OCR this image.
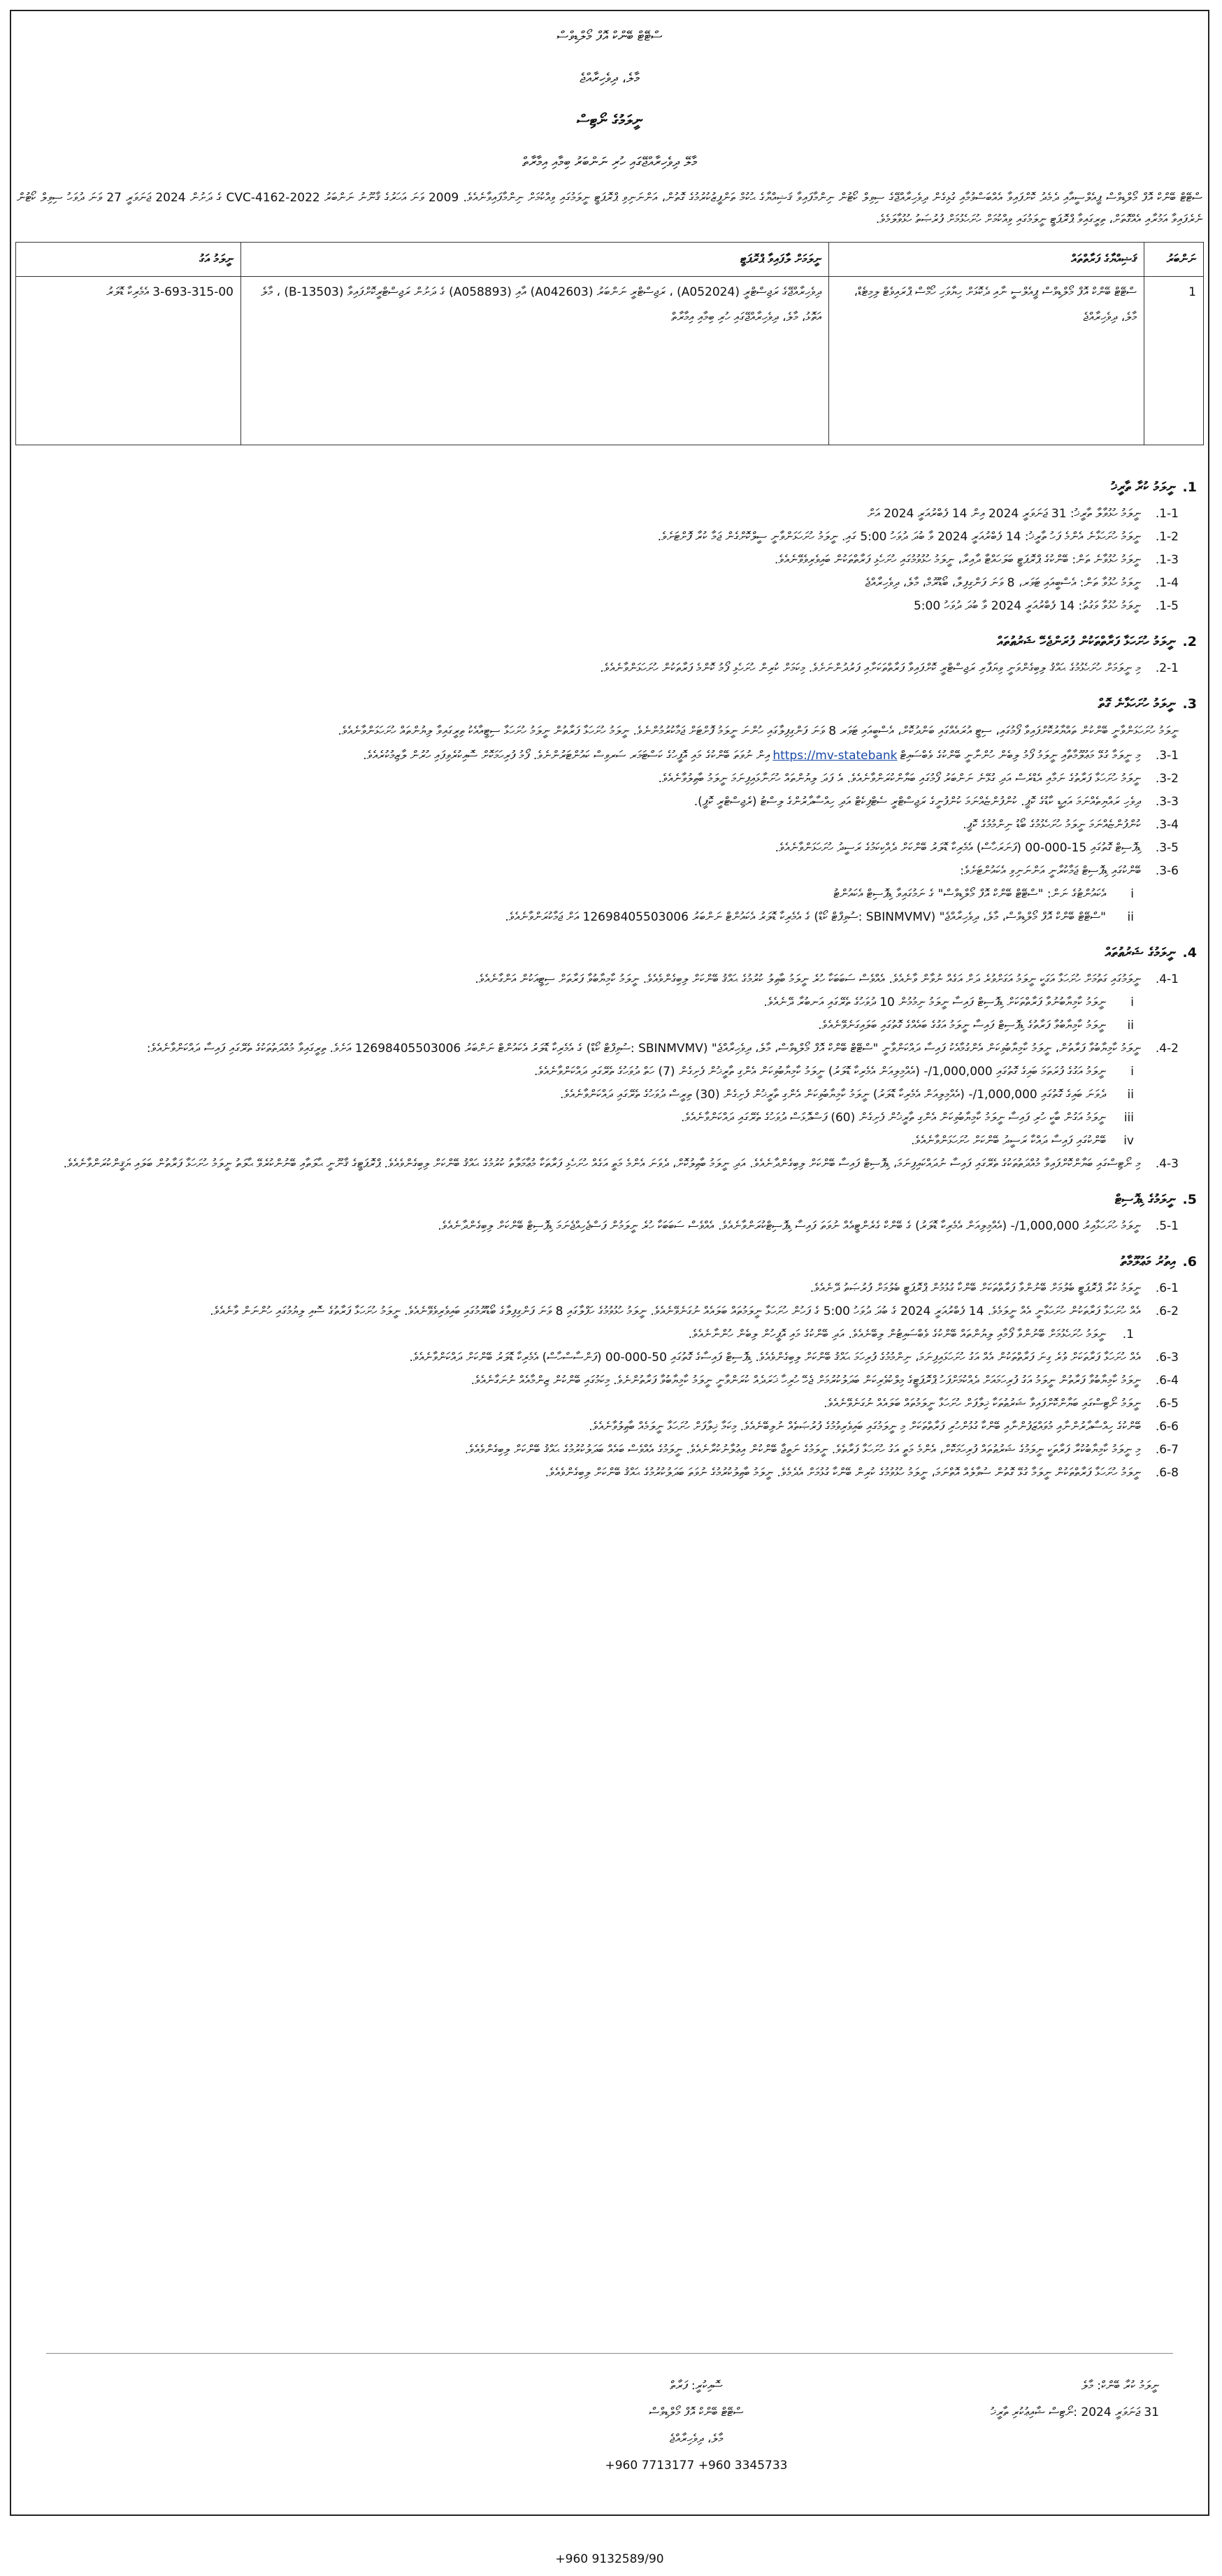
ސްޓޭޓް ބޭންކް އޮފް މޯލްޑިވްސް
މާލެ، ދިވެހިރާއްޖެ
ނީލަމުގެ ނޯޓިސް
މާލޭ ދިވެހިރާއްޖޭގައި ހުރި ނަންބަރު ބިމާއި އިމާރާތް
ސްޓޭޓް ބޭންކް އޮފް މޯލްޑިވްސް ޕީއެލްސީއާއި ދެމެދު ކޮށްފައިވާ އެއްބަސްވުމާއި ގުޅިގެން ދިވެހިރާއްޖޭގެ ސިވިލް ކޯޓުން ނިންމާފައިވާ ޤަޟިއްޔާގެ ޙުކުމް ތަންފީޒުކުރުމުގެ ގޮތުން، އަންނަނިވި ޕްރޮޕަޓީ ނީލަމުގައި ވިއްކުމަށް ނިންމާފައިވާނެއެވެ. 2009 ވަނަ އަހަރުގެ ޤާނޫނު ނަންބަރު 2022-CVC-4162 ގެ ދަށުން 2024 ޖަނަވަރީ 27 ވަނަ ދުވަހު ސިވިލް ކޯޓުން ނެރެފައިވާ އަމުރާއި އެއްގޮތަށް، ތިރީގައިވާ ޕްރޮޕަޓީ ނީލަމުގައި ވިއްކުމަށް ހުށަހެޅުމަށް ފުރުޞަތު ހުޅުވާލަމެވެ.
ނަންބަރު	ޤަޟިއްޔާގެ ފަރާތްތައް	ނީލަމަށް ލާފައިވާ ޕްރޮޕަޓީ	ނީލަމު އަގު
1	ސްޓޭޓް ބޭންކް އޮފް މޯލްޑިވްސް ޕީއެލްސީ ނާއި ދެކޮޅަށް ހިޔާވަހި ހޯމްސް ޕްރައިވެޓް ލިމިޓެޑް، މާލެ، ދިވެހިރާއްޖެ	ދިވެހިރާއްޖޭގެ ރަޖިސްޓްރީ (A052024) ، ރަޖިސްޓްރީ ނަންބަރު (A042603) އާއި (A058893) ގެ ދަށުން ރަޖިސްޓްރީކޮށްފައިވާ (B-13503) ، މާލެ އަތޮޅު، މާލެ، ދިވެހިރާއްޖޭގައި ހުރި ބިމާއި އިމާރާތް	3-693-315-00 އެމެރިކާ ޑޮލަރު
1.
ނީލަމު ކުރާ ތާރީޚު
1-1.
ނީލަމު ހުޅުވާލާ ތާރީޚު: 31 ޖަނަވަރީ 2024 އިން 14 ފެބްރުއަރީ 2024 އަށް
1-2.
ނީލަމު ހުށަހަޅާނެ އެންމެ ފަހު ތާރީޚު: 14 ފެބްރުއަރީ 2024 ވާ ބުދަ ދުވަހު 5:00 ގައި. ނީލަމު ހުށަހަޅަންވާނީ ސީލްކޮށްގެން ޖަމާ ކުރާ ފޮށްޓަށެވެ.
1-3.
ނީލަމު ހުޅުވާނެ ތަން: ބޭންކުގެ ޕްރޮޕަޓީ ބަލަހައްޓާ ދާއިރާ، ނީލަމު ހުޅުވުމުގައި ހުށަހެޅި ފަރާތްތަކުން ބައިވެރިވެވޭނެއެވެ.
1-4.
ނީލަމު ހުޅުވާ ތަން: އެސްބީއައި ޓަވަރ، 8 ވަނަ ފަންގިފިލާ، ބޯޑުރޫމް، މާލެ، ދިވެހިރާއްޖެ
1-5.
ނީލަމު ހުޅުވާ ވަގުތު: 14 ފެބްރުއަރީ 2024 ވާ ބުދަ ދުވަހު 5:00
2.
ނީލަމު ހުށަހަޅާ ފަރާތްތަކުން ފުރަންޖެހޭ ޝަރުޠުތައް
2-1.
މި ނީލަމަށް ހުށަހެޅުމުގެ ޙައްޤު ލިބިގެންވަނީ ވިޔަފާރި ރަޖިސްޓްރީ ކޮށްފައިވާ ފަރާތްތަކަށާއި ފަރުދުންނަށެވެ. މިކަމަށް ކުރިން ހުށަހެޅި ފޯމު ކޮންމެ ފަރާތަކުން ހުށަހަޅަންވާނެއެވެ.
3.
ނީލަމު ހުށަހަޅާނެ ގޮތް
ނީލަމު ހުށަހަޅަންވާނީ ބޭންކުން ތައްޔާރުކޮށްފައިވާ ފޯމުގައި، ސިޓީ އުރައެއްގައި ބަންދުކޮށް، އެސްބީއައި ޓަވަރ 8 ވަނަ ފަންގިފިލާގައި ހުންނަ ނީލަމު ފޮށްޓަށް ޖަމާކުރުމުންނެވެ. ނީލަމު ހުށަހަޅާ ފަރާތުން ނީލަމު ހުށަހަޅާ ސިޓީއާއެކު ތިރީގައިވާ ލިޔުންތައް ހުށަހަޅަންވާނެއެވެ.
3-1.
މި ނީލަމާ ގުޅޭ މަޢުލޫމާތާއި ނީލަމު ފޯމު ލިބެން ހުންނާނީ ބޭންކުގެ ވެބްސައިޓްhttps://mv-statebankއިން ނުވަތަ ބޭންކުގެ މައި އޮފީހުގެ ކަސްޓަމަރ ސަރވިސް ކައުންޓަރުންނެވެ. ފޯމު ފުރިހަމަކޮށް ސޮއިކުރެވިފައި ހުރުން ލާޒިމުކުރެއެވެ.
3-2.
ނީލަމު ހުށަހަޅާ ފަރާތުގެ ނަމާއި އެޑްރެސް އަދި ގުޅޭނެ ނަންބަރު ފޯމުގައި ބަޔާންކުރަންވާނެއެވެ. އެ ފަދަ ލިޔުންތައް ހުށަނާޅައިފިނަމަ ނީލަމު ބާޠިލުވާނެއެވެ.
3-3.
ދިވެހި ރައްޔިތެއްނަމަ އައިޑީ ކާޑުގެ ކޮޕީ. ކުންފުންޏެއްނަމަ ކުންފުނީގެ ރަޖިސްޓްރީ ސެޓްފިކެޓް އަދި ހިއްސާދާރުންގެ ލިސްޓު (ރެޖިސްޓްރީ ކޮޕީ).
3-4.
ކުންފުންޏެއްނަމަ ނީލަމު ހުށަހެޅުމުގެ ބޯޑު ނިންމުމުގެ ކޮޕީ.
3-5.
ޑިޕޮސިޓް ގޮތުގައި 15-000-00 (ފަނަރަހާސް) އެމެރިކާ ޑޮލަރު ބޭންކަށް ދެއްކިކަމުގެ ރަސީދު ހުށަހަޅަންވާނެއެވެ.
3-6.
ބޭންކުގައި ޑިޕޮސިޓް ޖަމާކުރާނީ އަންނަނިވި އެކައުންޓަށެވެ:
i
އެކައުންޓުގެ ނަން: "ސްޓޭޓް ބޭންކް އޮފް މޯލްޑިވްސް" ގެ ނަމުގައިވާ ޑިޕޮސިޓް އެކައުންޓު
ii
"ސްޓޭޓް ބޭންކް އޮފް މޯލްޑިވްސް، މާލެ، ދިވެހިރާއްޖެ" (SBINMVMV :ސުވިފްޓް ކޯޑް) ގެ އެމެރިކާ ޑޮލަރު އެކައުންޓް ނަންބަރު 12698405503006 އަށް ޖަމާކުރަންވާނެއެވެ.
4.
ނީލަމުގެ ޝަރުޠުތައް
4-1.
ނީލަމުގައި ގަތުމަށް ހުށަހަޅާ އަގަކީ ނީލަމު އަގަށްވުރެ ދަށް އަގެއް ނުވާން ވާނެއެވެ. އެއްވެސް ސަބަބަކާ ހުރެ ނީލަމު ބާޠިލު ކުރުމުގެ ޙައްޤު ބޭންކަށް ލިބިގެންވެއެވެ. ނީލަމު ކާމިޔާބުވާ ފަރާތަށް ސިޓީއަކުން އަންގާނެއެވެ.
i
ނީލަމު ކާމިޔާބުނުވާ ފަރާތްތަކަށް ޑިޕޮސިޓް ފައިސާ ނީލަމު ނިމުމުން 10 ދުވަހުގެ ތެރޭގައި އަނބުރާ ދޭނެއެވެ.
ii
ނީލަމު ކާމިޔާބުވާ ފަރާތުގެ ޑިޕޮސިޓް ފައިސާ ނީލަމު އަގުގެ ބައެއްގެ ގޮތުގައި ބަލައިގަނެވޭނެއެވެ.
4-2.
ނީލަމު ކާމިޔާބުވާ ފަރާތުން، ނީލަމު ކާމިޔާބުވިކަން އެންގުމާއެކު ފައިސާ ދައްކަންވާނީ "ސްޓޭޓް ބޭންކް އޮފް މޯލްޑިވްސް، މާލެ، ދިވެހިރާއްޖެ" (SBINMVMV :ސުވިފްޓް ކޯޑް) ގެ އެމެރިކާ ޑޮލަރު އެކައުންޓް ނަންބަރު 12698405503006 އަށެވެ. ތިރީގައިވާ މުއްދަތުތަކުގެ ތެރޭގައި ފައިސާ ދައްކަންވާނެއެވެ:
i
ނީލަމު އަގުގެ ފުރަތަމަ ބައިގެ ގޮތުގައި 1,000,000/- (އެއްމިލިއަން އެމެރިކާ ޑޮލަރު) ނީލަމު ކާމިޔާބުވިކަން އެންގި ތާރީޚުން ފެށިގެން (7) ހަތް ދުވަހުގެ ތެރޭގައި ދައްކަންވާނެއެވެ.
ii
ދެވަނަ ބައިގެ ގޮތުގައި 1,000,000/- (އެއްމިލިއަން އެމެރިކާ ޑޮލަރު) ނީލަމު ކާމިޔާބުވިކަން އެންގި ތާރީޚުން ފެށިގެން (30) ތިރީސް ދުވަހުގެ ތެރޭގައި ދައްކަންވާނެއެވެ.
iii
ނީލަމު އަގުން ބާކީ ހުރި ފައިސާ ނީލަމު ކާމިޔާބުވިކަން އެންގި ތާރީޚުން ފެށިގެން (60) ފަސްދޮޅަސް ދުވަހުގެ ތެރޭގައި ދައްކަންވާނެއެވެ.
iv
ބޭންކުގައި ފައިސާ ދައްކާ ރަސީދު ބޭންކަށް ހުށަހަޅަންވާނެއެވެ.
4-3.
މި ނޯޓިސްގައި ބަޔާންކޮށްފައިވާ މުއްދަތުތަކުގެ ތެރޭގައި ފައިސާ ނުދައްކައިފިނަމަ، ޑިޕޮސިޓް ފައިސާ ބޭންކަށް ލިބިގެންދާނެއެވެ. އަދި ނީލަމު ބާޠިލުކޮށް، ދެވަނަ އެންމެ މަތީ އަގެއް ހުށަހެޅި ފަރާތަކާ މުޢާމަލާތު ކުރުމުގެ ޙައްޤު ބޭންކަށް ލިބިގެންވެއެވެ. ޕްރޮޕަޓީގެ ޤާނޫނީ ޙާލަތާއި ބޭނުންކުރެވޭ ޙާލަތު ނީލަމު ހުށަހަޅާ ފަރާތުން ބަލައި ޔަޤީންކުރަންވާނެއެވެ.
5.
ނީލަމުގެ ޑިޕޮސިޓް
5-1.
ނީލަމު ހުށަހަޅާއިރު 1,000,000/- (އެއްމިލިއަން އެމެރިކާ ޑޮލަރު) ގެ ބޭންކް ގެރެންޓީއެއް ނުވަތަ ފައިސާ ޑިޕޮސިޓްކުރަންވާނެއެވެ. އެއްވެސް ސަބަބަކާ ހުރެ ނީލަމުން ފަސްޖެހިއްޖެނަމަ ޑިޕޮސިޓް ބޭންކަށް ލިބިގެންދާނެއެވެ.
6.
އިތުރު މަޢުލޫމާތު
6-1.
ނީލަމު ކުރާ ޕްރޮޕަޓީ ބެލުމަށް ބޭނުންވާ ފަރާތްތަކަށް ބޭންކާ ގުޅުމުން ޕްރޮޕަޓީ ބެލުމަށް ފުރުޞަތު ދޭނެއެވެ.
6-2.
އެއް ހުށަހަޅާ ފަރާތަކުން ހުށަހަޅާނީ އެއް ނީލަމެވެ. 14 ފެބްރުއަރީ 2024 ގެ ބުދަ ދުވަހު 5:00 ގެ ފަހުން ހުށަހަޅާ ނީލަމުތައް ބަލައެއް ނުގަނެވޭނެއެވެ. ނީލަމު ހުޅުވުމުގެ ހަފްލާގައި 8 ވަނަ ފަންގިފިލާގެ ބޯޑުރޫމުގައި ބައިވެރިވެވޭނެއެވެ. ނީލަމު ހުށަހަޅާ ފަރާތުގެ ސޮއި ލިޔުމުގައި ހުންނަން ވާނެއެވެ.
1.
ނީލަމު ހުށަހެޅުމަށް ބޭނުންވާ ފޯމާއި ލިޔުންތައް ބޭންކުގެ ވެބްސައިޓުން ލިބޭނެއެވެ. އަދި ބޭންކުގެ މައި އޮފީހުން ލިބެން ހުންނާނެއެވެ.
6-3.
އެއް ހުށަހަޅާ ފަރާތަކަށް ވުރެ ގިނަ ފަރާތްތަކުން އެއް އަގު ހުށަހަޅައިފިނަމަ، ނިންމުމުގެ ފުރިހަމަ ޙައްޤު ބޭންކަށް ލިބިގެންވެއެވެ. ޑިޕޮސިޓް ފައިސާގެ ގޮތުގައި 50-000-00 (ފަންސާސްހާސް) އެމެރިކާ ޑޮލަރު ބޭންކަށް ދައްކަންވާނެއެވެ.
6-4.
ނީލަމު ކާމިޔާބުވާ ފަރާތުން ނީލަމު އަގު ފުރިހަމައަށް ދެއްކުމަށްފަހު ޕްރޮޕަޓީގެ މިލްކުވެރިކަން ބަދަލުކުރުމަށް ޖެހޭ ހުރިހާ ޚަރަދެއް ކުރަންވާނީ ނީލަމު ކާމިޔާބުވާ ފަރާތުންނެވެ. މިކަމުގައި ބޭންކުން ޒިންމާއެއް ނުނަގާނެއެވެ.
6-5.
ނީލަމު ނޯޓިސްގައި ބަޔާންކޮށްފައިވާ ޝަރުޠުތަކާ ޚިލާފަށް ހުށަހަޅާ ނީލަމުތައް ބަލައެއް ނުގަނެވޭނެއެވެ.
6-6.
ބޭންކުގެ ހިއްސާދާރުންނާއި މުވައްޒަފުންނާއި ބޭންކާ ގުޅުންހުރި ފަރާތްތަކަށް މި ނީލަމުގައި ބައިވެރިވުމުގެ ފުރުޞަތެއް ނުލިބޭނެއެވެ. މިކަމާ ޚިލާފަށް ހުށަހަޅާ ނީލަމެއް ބާޠިލުވާނެއެވެ.
6-7.
މި ނީލަމު ކާމިޔާބުކުރާ ފަރާތަކީ ނީލަމުގެ ޝަރުޠުތައް ފުރިހަމަކޮށް، އެންމެ މަތީ އަގު ހުށަހަޅާ ފަރާތެވެ. ނީލަމުގެ ނަތީޖާ ބޭންކުން އިޢުލާނުކުރާނެއެވެ. ނީލަމުގެ އެއްވެސް ބައެއް ބަދަލުކުރުމުގެ ޙައްޤު ބޭންކަށް ލިބިގެންވެއެވެ.
6-8.
ނީލަމު ހުށަހަޅާ ފަރާތްތަކުން ނީލަމާ ގުޅޭ ގޮތުން ސުވާލެއް އޮތްނަމަ، ނީލަމު ހުޅުވުމުގެ ކުރިން ބޭންކާ ގުޅުމަށް އެދެމެވެ. ނީލަމު ބާޠިލުކުރުމުގެ ނުވަތަ ބަދަލުކުރުމުގެ ޙައްޤު ބޭންކަށް ލިބިގެންވެއެވެ.
ނީލަމު ކުރާ ބޭންކް: މާލެ
31 ޖަނަވަރީ 2024 :ނޯޓިސް ޝާއިޢުކުރި ތާރީޚު
ސޮއިކުރީ: ފަރާތް
ސްޓޭޓް ބޭންކް އޮފް މޯލްޑިވްސް
މާލެ، ދިވެހިރާއްޖެ
+960 7713177 +960 3345733
+960 9132589/90
